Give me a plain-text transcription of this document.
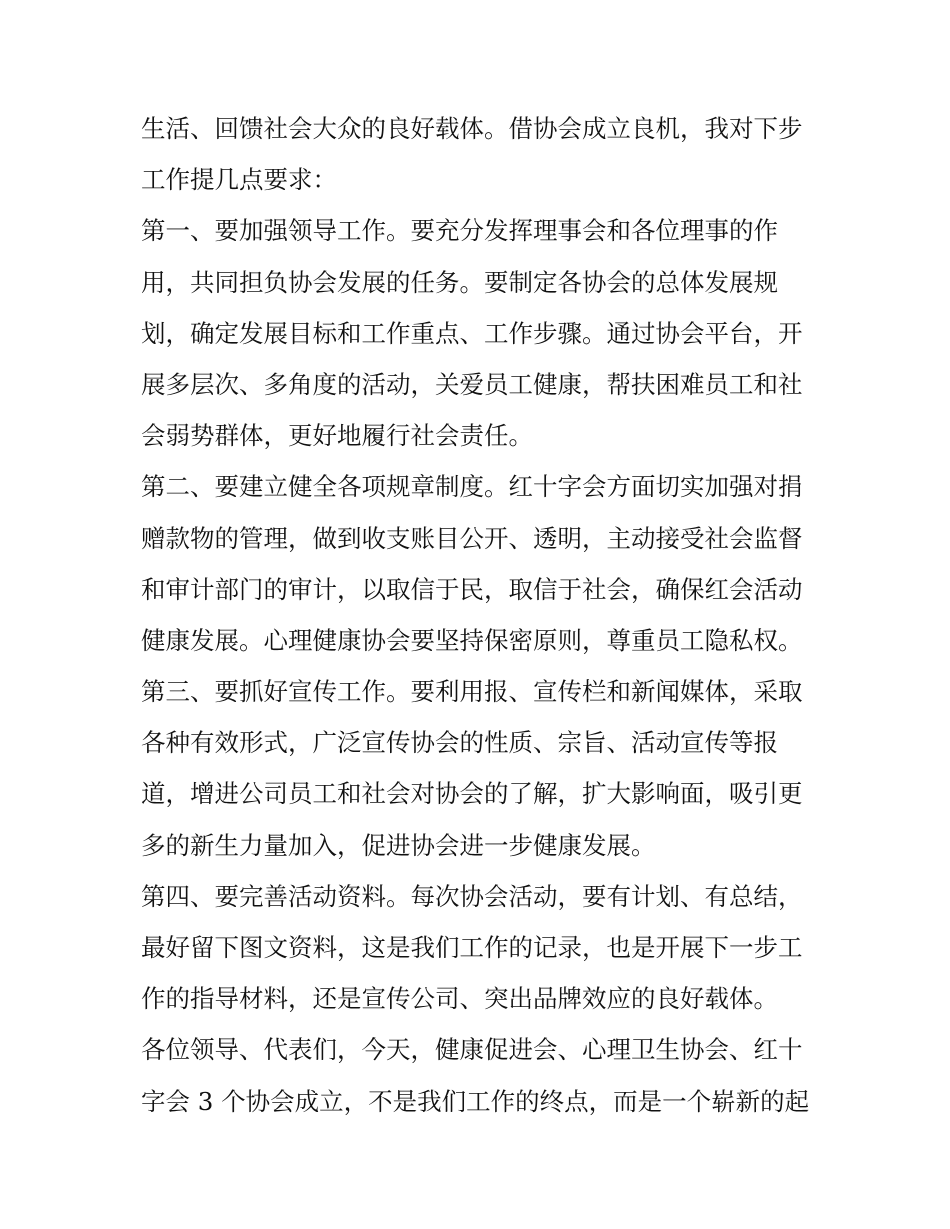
生活、回馈社会大众的良好载体。借协会成立良机，我对下步
工作提几点要求：
第一、要加强领导工作。要充分发挥理事会和各位理事的作
用，共同担负协会发展的任务。要制定各协会的总体发展规
划，确定发展目标和工作重点、工作步骤。通过协会平台，开
展多层次、多角度的活动，关爱员工健康，帮扶困难员工和社
会弱势群体，更好地履行社会责任。
第二、要建立健全各项规章制度。红十字会方面切实加强对捐
赠款物的管理，做到收支账目公开、透明，主动接受社会监督
和审计部门的审计，以取信于民，取信于社会，确保红会活动
健康发展。心理健康协会要坚持保密原则，尊重员工隐私权。
第三、要抓好宣传工作。要利用报、宣传栏和新闻媒体，采取
各种有效形式，广泛宣传协会的性质、宗旨、活动宣传等报
道，增进公司员工和社会对协会的了解，扩大影响面，吸引更
多的新生力量加入，促进协会进一步健康发展。
第四、要完善活动资料。每次协会活动，要有计划、有总结，
最好留下图文资料，这是我们工作的记录，也是开展下一步工
作的指导材料，还是宣传公司、突出品牌效应的良好载体。
各位领导、代表们，今天，健康促进会、心理卫生协会、红十
字会 3 个协会成立，不是我们工作的终点，而是一个崭新的起
